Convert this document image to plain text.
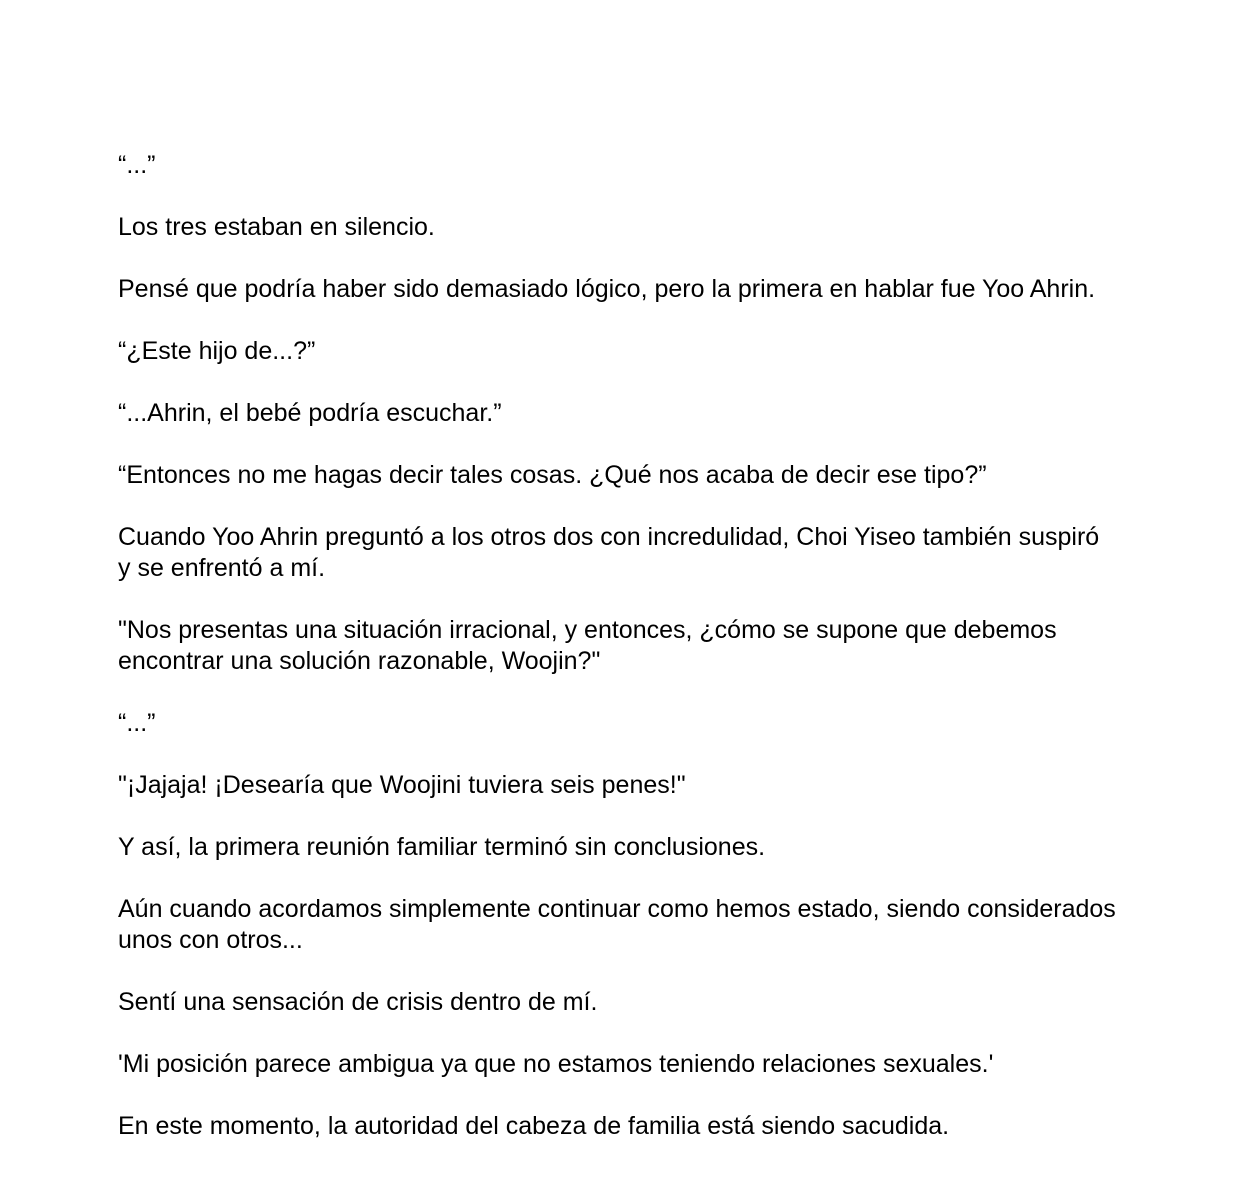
“...”

Los tres estaban en silencio.

Pensé que podría haber sido demasiado lógico, pero la primera en hablar fue Yoo Ahrin.

“¿Este hijo de...?”

“...Ahrin, el bebé podría escuchar.”

“Entonces no me hagas decir tales cosas. ¿Qué nos acaba de decir ese tipo?”

Cuando Yoo Ahrin preguntó a los otros dos con incredulidad, Choi Yiseo también suspiró y se enfrentó a mí.

"Nos presentas una situación irracional, y entonces, ¿cómo se supone que debemos encontrar una solución razonable, Woojin?"

“...”

"¡Jajaja! ¡Desearía que Woojini tuviera seis penes!"

Y así, la primera reunión familiar terminó sin conclusiones.

Aún cuando acordamos simplemente continuar como hemos estado, siendo considerados unos con otros...

Sentí una sensación de crisis dentro de mí.

'Mi posición parece ambigua ya que no estamos teniendo relaciones sexuales.'

En este momento, la autoridad del cabeza de familia está siendo sacudida.
